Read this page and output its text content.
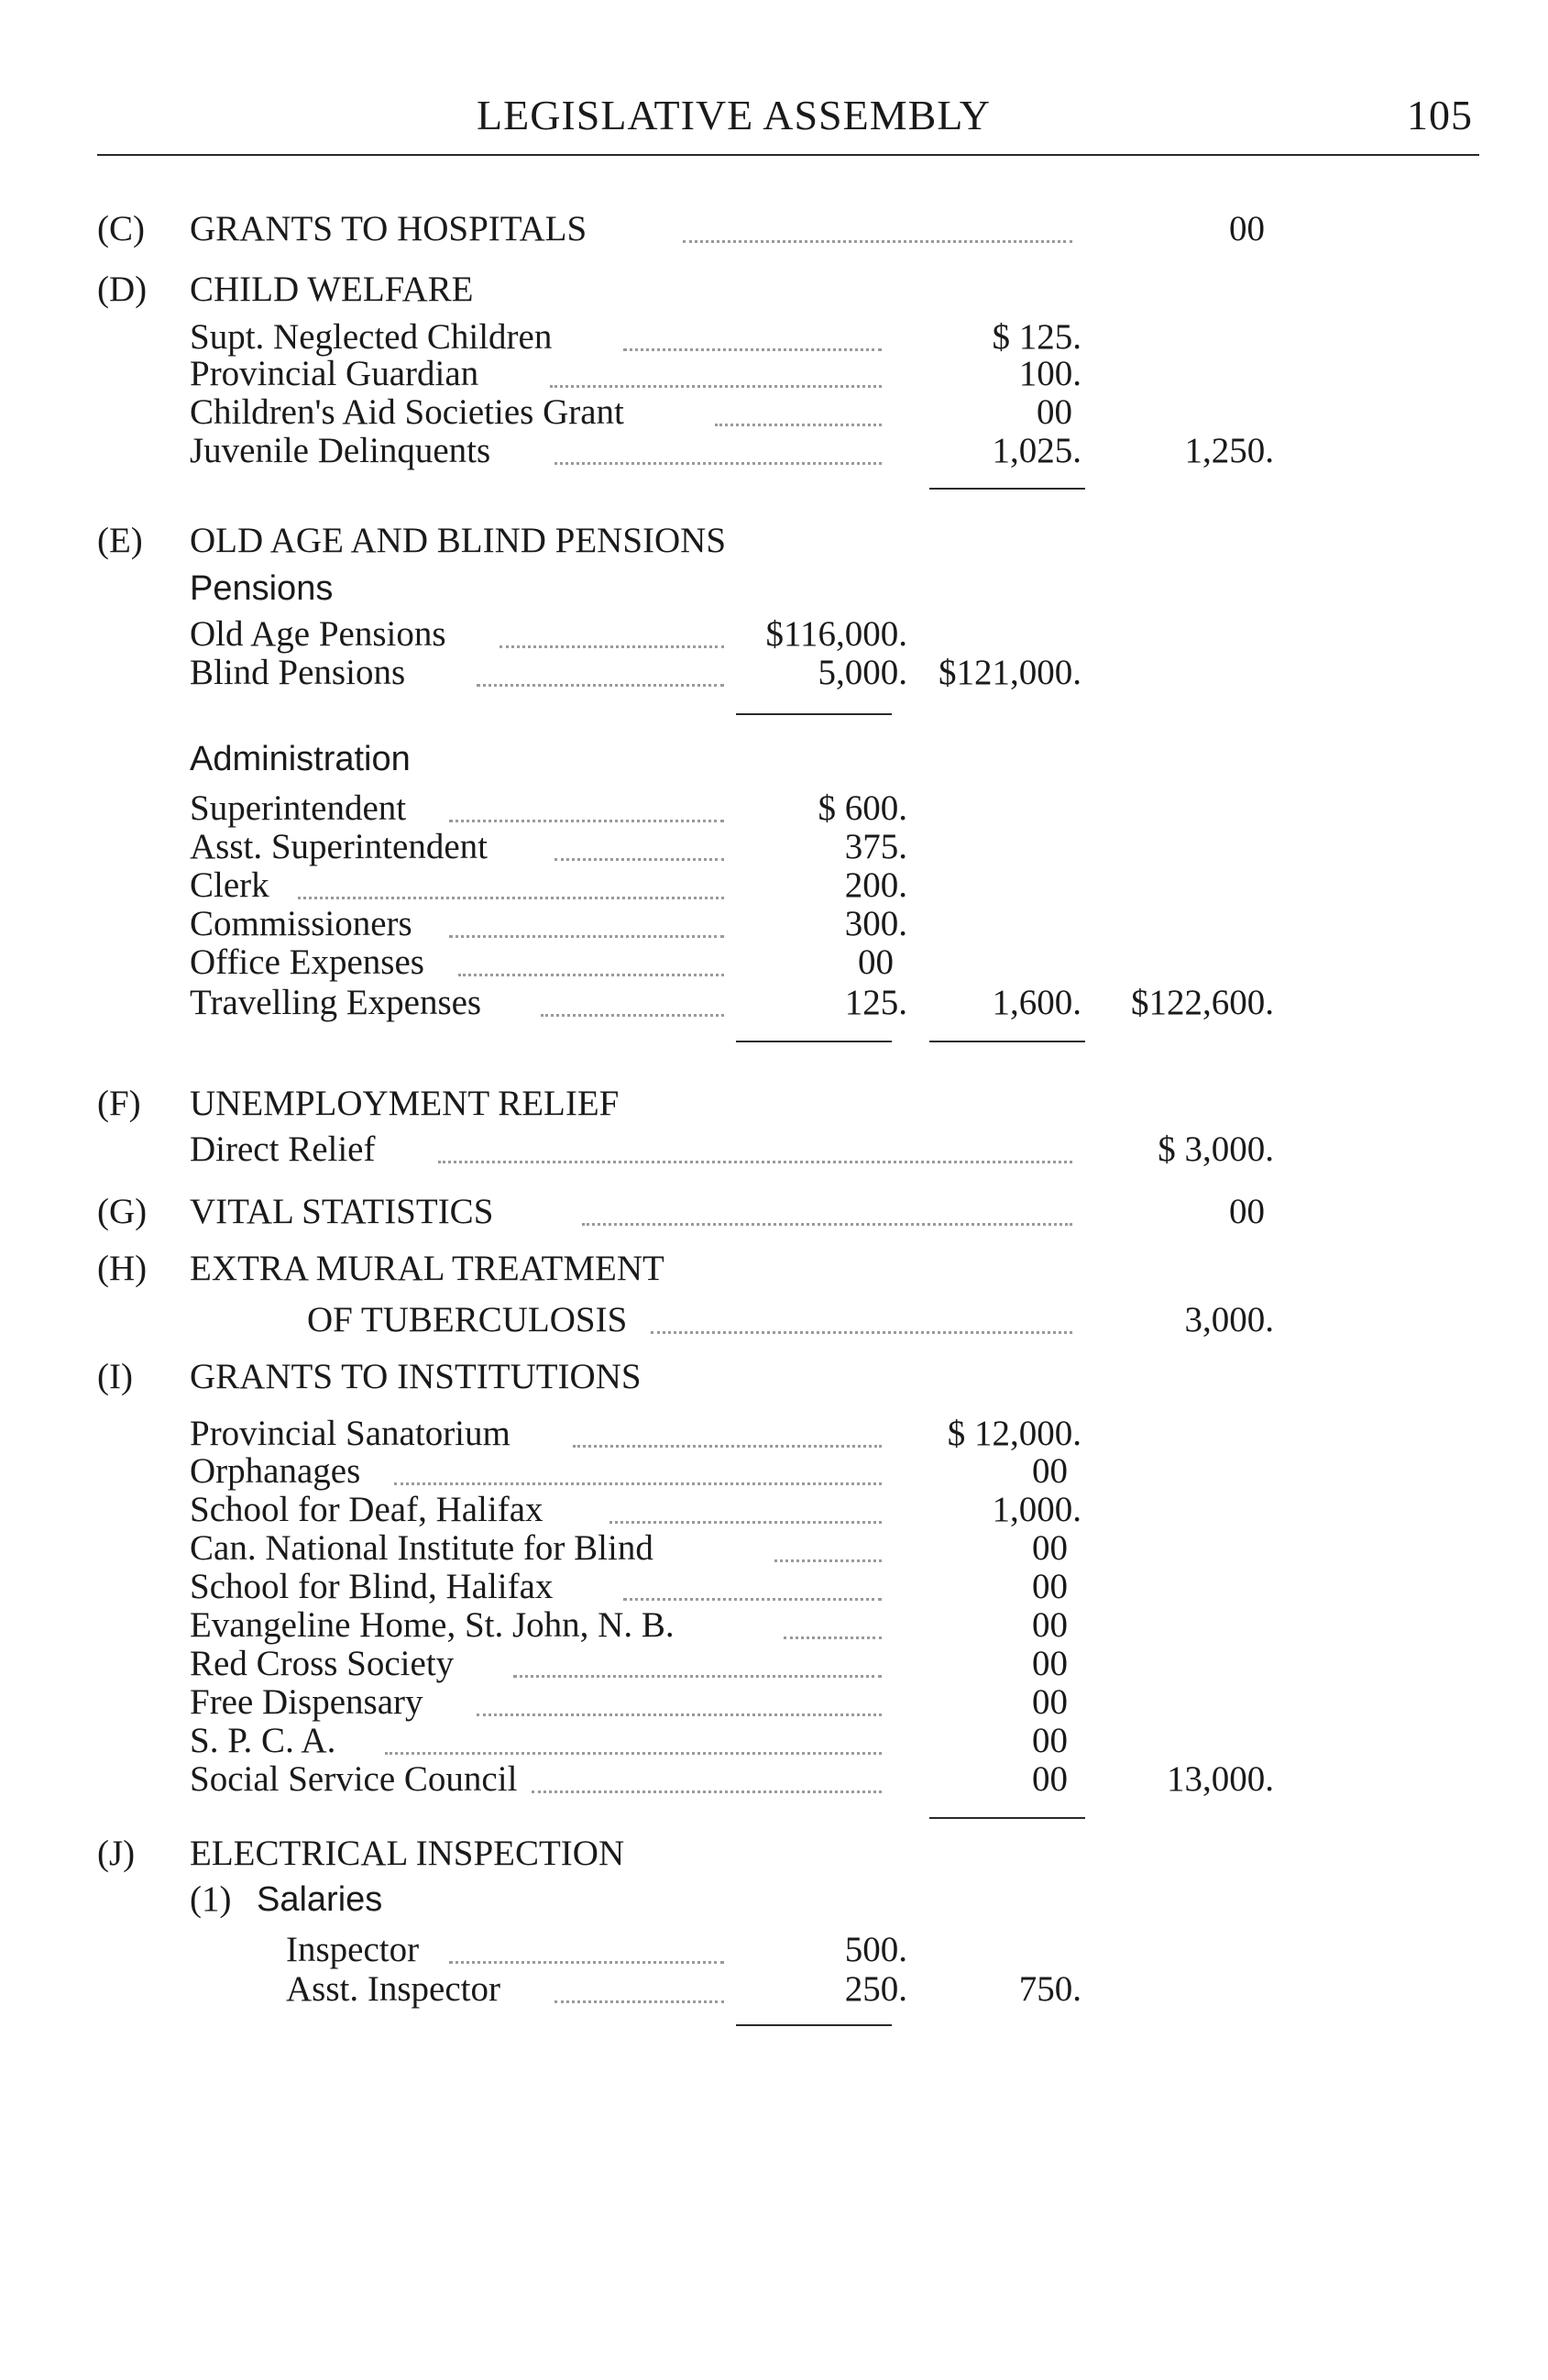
LEGISLATIVE ASSEMBLY	105
(C) GRANTS TO HOSPITALS	00
(D) CHILD WELFARE
Supt. Neglected Children	$ 125.
Provincial Guardian	100.
Children's Aid Societies Grant	00
Juvenile Delinquents	1,025.	1,250.
(E) OLD AGE AND BLIND PENSIONS
Pensions
Old Age Pensions	$116,000.
Blind Pensions	5,000. $121,000.
Administration
Superintendent	$ 600.
Asst. Superintendent	375.
Clerk	200.
Commissioners	300.
Office Expenses	00
Travelling Expenses	125.	1,600.	$122,600.
(F) UNEMPLOYMENT RELIEF
Direct Relief	$ 3,000.
(G) VITAL STATISTICS	00
(H) EXTRA MURAL TREATMENT
OF TUBERCULOSIS	3,000.
(I) GRANTS TO INSTITUTIONS
Provincial Sanatorium	$ 12,000.
Orphanages	00
School for Deaf, Halifax	1,000.
Can. National Institute for Blind	00
School for Blind, Halifax	00
Evangeline Home, St. John, N. B.	00
Red Cross Society	00
Free Dispensary	00
S. P. C. A.	00
Social Service Council	00	13,000.
(J) ELECTRICAL INSPECTION
(1) Salaries
Inspector	500.
Asst. Inspector	250.	750.
